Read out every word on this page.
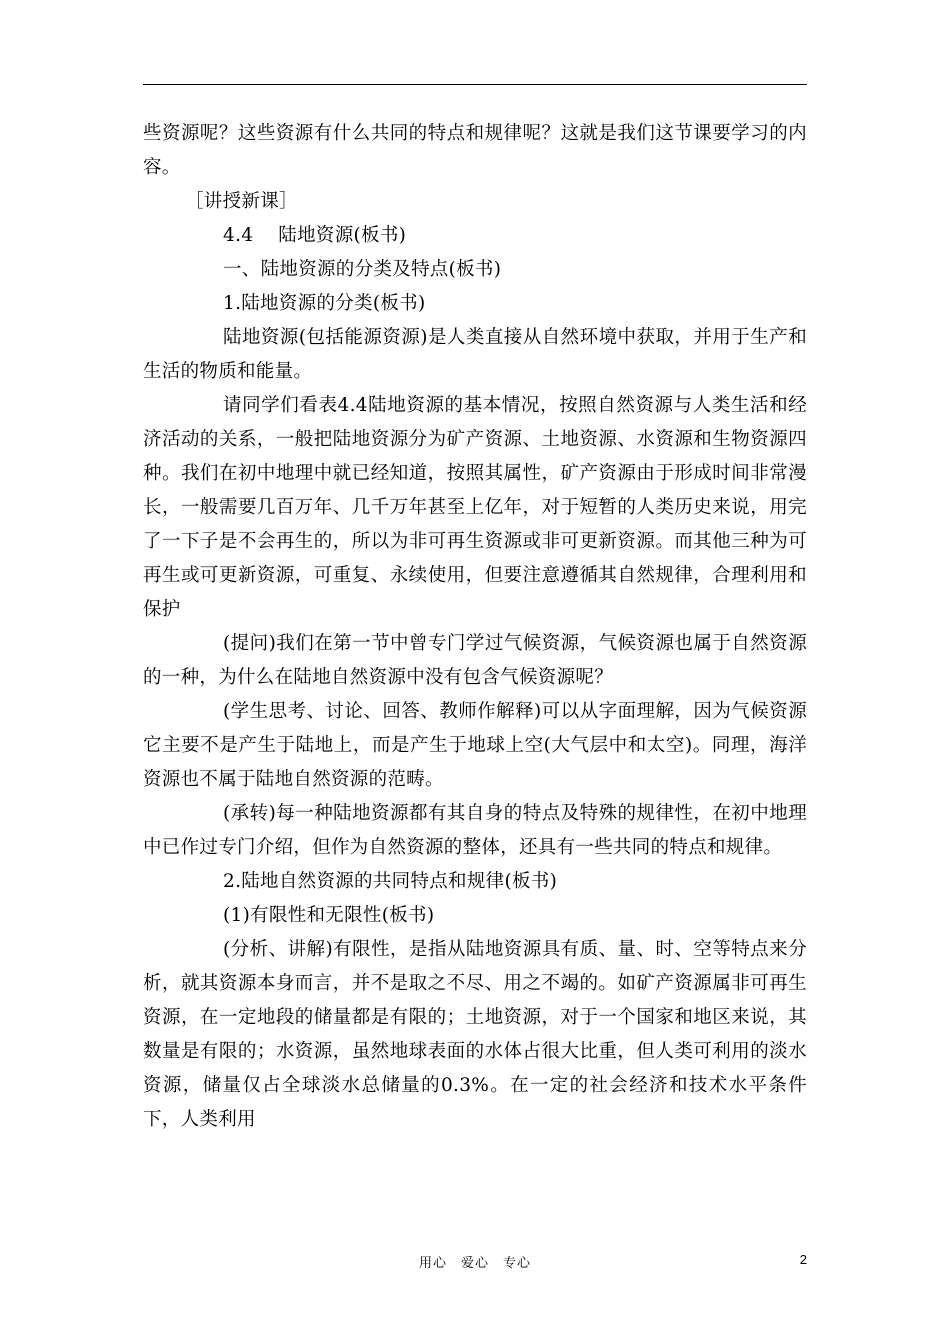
些资源呢？这些资源有什么共同的特点和规律呢？这就是我们这节课要学习的内容。

［讲授新课］

4.4　 陆地资源(板书)

一、陆地资源的分类及特点(板书)

1.陆地资源的分类(板书)

陆地资源(包括能源资源)是人类直接从自然环境中获取，并用于生产和生活的物质和能量。

请同学们看表4.4陆地资源的基本情况，按照自然资源与人类生活和经济活动的关系，一般把陆地资源分为矿产资源、土地资源、水资源和生物资源四种。我们在初中地理中就已经知道，按照其属性，矿产资源由于形成时间非常漫长，一般需要几百万年、几千万年甚至上亿年，对于短暂的人类历史来说，用完了一下子是不会再生的，所以为非可再生资源或非可更新资源。而其他三种为可再生或可更新资源，可重复、永续使用，但要注意遵循其自然规律，合理利用和保护

(提问)我们在第一节中曾专门学过气候资源，气候资源也属于自然资源的一种，为什么在陆地自然资源中没有包含气候资源呢？

(学生思考、讨论、回答、教师作解释)可以从字面理解，因为气候资源它主要不是产生于陆地上，而是产生于地球上空(大气层中和太空)。同理，海洋资源也不属于陆地自然资源的范畴。

(承转)每一种陆地资源都有其自身的特点及特殊的规律性，在初中地理中已作过专门介绍，但作为自然资源的整体，还具有一些共同的特点和规律。

2.陆地自然资源的共同特点和规律(板书)

(1)有限性和无限性(板书)

(分析、讲解)有限性，是指从陆地资源具有质、量、时、空等特点来分析，就其资源本身而言，并不是取之不尽、用之不竭的。如矿产资源属非可再生资源，在一定地段的储量都是有限的；土地资源，对于一个国家和地区来说，其数量是有限的；水资源，虽然地球表面的水体占很大比重，但人类可利用的淡水资源，储量仅占全球淡水总储量的0.3%。在一定的社会经济和技术水平条件下，人类利用

用心　爱心　专心	2
